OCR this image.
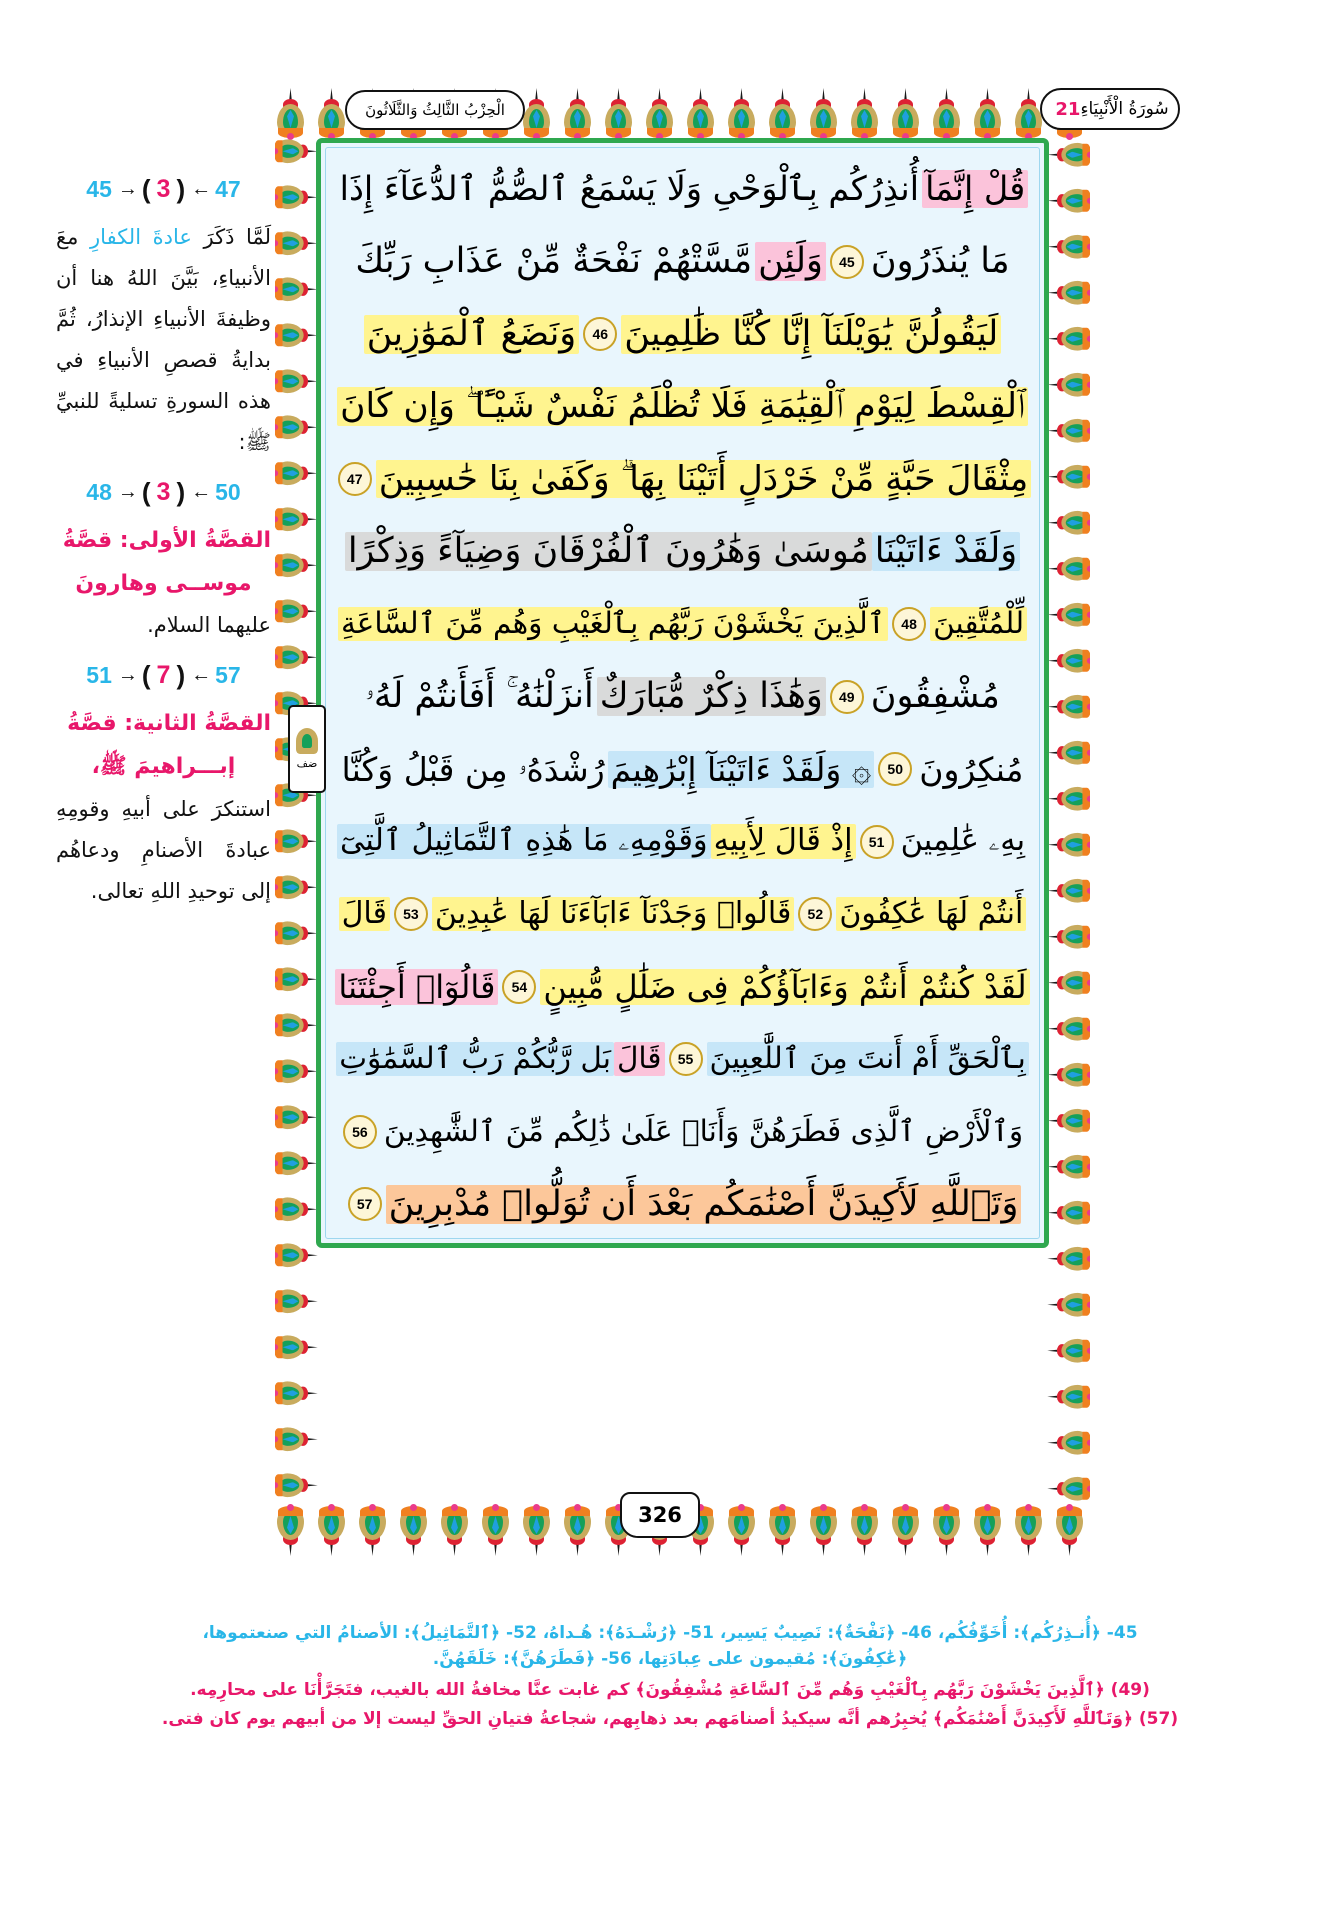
سُورَةُ الْأَنْبِيَاءِ
21
الْحِزْبُ الثَّالِثُ وَالثَّلَاثُونَ
326
ضف
قُلْ إِنَّمَآ
أُنذِرُكُم بِٱلْوَحْىِ وَلَا يَسْمَعُ ٱلصُّمُّ ٱلدُّعَآءَ إِذَا
مَا يُنذَرُونَ
45
وَلَئِن
مَّسَّتْهُمْ نَفْحَةٌ مِّنْ عَذَابِ رَبِّكَ
لَيَقُولُنَّ يَٰوَيْلَنَآ إِنَّا كُنَّا ظَٰلِمِينَ
46
وَنَضَعُ ٱلْمَوَٰزِينَ
ٱلْقِسْطَ لِيَوْمِ ٱلْقِيَٰمَةِ فَلَا تُظْلَمُ نَفْسٌ شَيْـًٔا ۖ وَإِن كَانَ
مِثْقَالَ حَبَّةٍ مِّنْ خَرْدَلٍ أَتَيْنَا بِهَا ۗ وَكَفَىٰ بِنَا حَٰسِبِينَ
47
وَلَقَدْ ءَاتَيْنَا
مُوسَىٰ وَهَٰرُونَ ٱلْفُرْقَانَ وَضِيَآءً وَذِكْرًا
لِّلْمُتَّقِينَ
48
ٱلَّذِينَ يَخْشَوْنَ رَبَّهُم بِٱلْغَيْبِ وَهُم مِّنَ ٱلسَّاعَةِ
مُشْفِقُونَ
49
وَهَٰذَا ذِكْرٌ مُّبَارَكٌ
أَنزَلْنَٰهُ ۚ أَفَأَنتُمْ لَهُۥ
مُنكِرُونَ
50
۞ وَلَقَدْ ءَاتَيْنَآ إِبْرَٰهِيمَ
رُشْدَهُۥ مِن قَبْلُ وَكُنَّا
بِهِۦ عَٰلِمِينَ
51
إِذْ قَالَ لِأَبِيهِ
وَقَوْمِهِۦ مَا هَٰذِهِ ٱلتَّمَاثِيلُ ٱلَّتِىٓ
أَنتُمْ لَهَا عَٰكِفُونَ
52
قَالُوا۟ وَجَدْنَآ ءَابَآءَنَا لَهَا عَٰبِدِينَ
53
قَالَ
لَقَدْ كُنتُمْ أَنتُمْ وَءَابَآؤُكُمْ فِى ضَلَٰلٍ مُّبِينٍ
54
قَالُوٓا۟ أَجِئْتَنَا
بِٱلْحَقِّ أَمْ أَنتَ مِنَ ٱللَّٰعِبِينَ
55
قَالَ
بَل رَّبُّكُمْ رَبُّ ٱلسَّمَٰوَٰتِ
وَٱلْأَرْضِ ٱلَّذِى فَطَرَهُنَّ وَأَنَا۠ عَلَىٰ ذَٰلِكُم مِّنَ ٱلشَّٰهِدِينَ
56
وَتَٱللَّهِ لَأَكِيدَنَّ أَصْنَٰمَكُم بَعْدَ أَن تُوَلُّوا۟ مُدْبِرِينَ
57
47
←
(
3
)
→
45
لَمَّا ذَكَرَ عادةَ الكفارِ معَ الأنبياءِ، بَيَّنَ اللهُ هنا أن وظيفةَ الأنبياءِ الإنذارُ، ثُمَّ بدايةُ قصصِ الأنبياءِ في هذه السورةِ تسليةً للنبيِّ ﷺ:
50
←
(
3
)
→
48
القصَّةُ الأولى: قصَّةُ
موســى وهارونَ
عليهما السلام.
57
←
(
7
)
→
51
القصَّةُ الثانية: قصَّةُ
إبـــراهيمَ ﷺ،
استنكرَ على أبيهِ وقومِهِ عبادةَ الأصنامِ ودعاهُم إلى توحيدِ اللهِ تعالى.
45- ﴿أُنـذِرُكُم﴾: أُخَوِّفُكُم، 46- ﴿نَفْحَةٌ﴾: نَصِيبٌ يَسِير، 51- ﴿رُشْـدَهُ﴾: هُـداهُ، 52- ﴿ٱلتَّمَاثِيلُ﴾: الأصنامُ التي صنعتموها،
﴿عَٰكِفُونَ﴾: مُقيمون على عِبادَتِها، 56- ﴿فَطَرَهُنَّ﴾: خَلَقَهُنَّ.
(49) ﴿ٱلَّذِينَ يَخْشَوْنَ رَبَّهُم بِٱلْغَيْبِ وَهُم مِّنَ ٱلسَّاعَةِ مُشْفِقُونَ﴾ كم غابت عنَّا مخافةُ الله بالغيب، فتَجَرَّأْنَا على محارِمِه.
(57) ﴿وَتَٱللَّهِ لَأَكِيدَنَّ أَصْنَٰمَكُم﴾ يُخبِرُهم أنَّه سيكيدُ أصنامَهم بعد ذهابِهم، شجاعةُ فتيانِ الحقِّ ليست إلا من أبيهم يوم كان فتى.
